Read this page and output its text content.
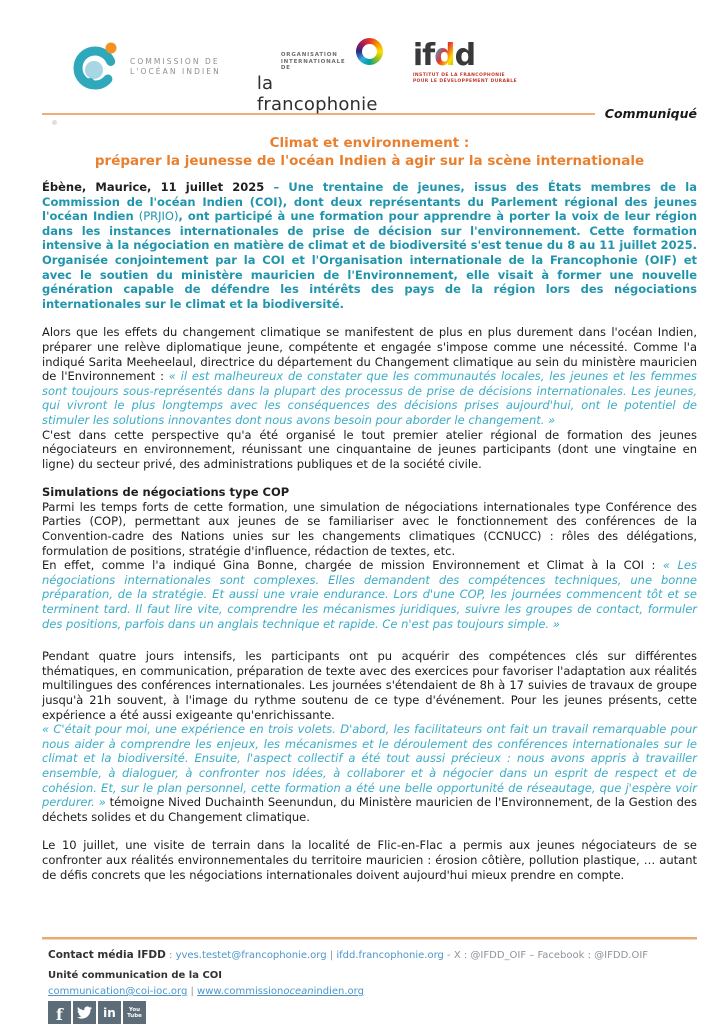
COMMISSION DE
L'OCÉAN INDIEN
ORGANISATION INTERNATIONALE DE
la francophonie
ifdd
INSTITUT DE LA FRANCOPHONIE
POUR LE DÉVELOPPEMENT DURABLE
Communiqué
Climat et environnement :
préparer la jeunesse de l'océan Indien à agir sur la scène internationale

Ébène, Maurice, 11 juillet 2025 – Une trentaine de jeunes, issus des États membres de la Commission de l'océan Indien (COI), dont deux représentants du Parlement régional des jeunes l'océan Indien (PRJIO), ont participé à une formation pour apprendre à porter la voix de leur région dans les instances internationales de prise de décision sur l'environnement. Cette formation intensive à la négociation en matière de climat et de biodiversité s'est tenue du 8 au 11 juillet 2025. Organisée conjointement par la COI et l'Organisation internationale de la Francophonie (OIF) et avec le soutien du ministère mauricien de l'Environnement, elle visait à former une nouvelle génération capable de défendre les intérêts des pays de la région lors des négociations internationales sur le climat et la biodiversité.

Alors que les effets du changement climatique se manifestent de plus en plus durement dans l'océan Indien, préparer une relève diplomatique jeune, compétente et engagée s'impose comme une nécessité. Comme l'a indiqué Sarita Meeheelaul, directrice du département du Changement climatique au sein du ministère mauricien de l'Environnement : « il est malheureux de constater que les communautés locales, les jeunes et les femmes sont toujours sous-représentés dans la plupart des processus de prise de décisions internationales. Les jeunes, qui vivront le plus longtemps avec les conséquences des décisions prises aujourd'hui, ont le potentiel de stimuler les solutions innovantes dont nous avons besoin pour aborder le changement. »

C'est dans cette perspective qu'a été organisé le tout premier atelier régional de formation des jeunes négociateurs en environnement, réunissant une cinquantaine de jeunes participants (dont une vingtaine en ligne) du secteur privé, des administrations publiques et de la société civile.

Simulations de négociations type COP

Parmi les temps forts de cette formation, une simulation de négociations internationales type Conférence des Parties (COP), permettant aux jeunes de se familiariser avec le fonctionnement des conférences de la Convention-cadre des Nations unies sur les changements climatiques (CCNUCC) : rôles des délégations, formulation de positions, stratégie d'influence, rédaction de textes, etc.

En effet, comme l'a indiqué Gina Bonne, chargée de mission Environnement et Climat à la COI : « Les négociations internationales sont complexes. Elles demandent des compétences techniques, une bonne préparation, de la stratégie. Et aussi une vraie endurance. Lors d'une COP, les journées commencent tôt et se terminent tard. Il faut lire vite, comprendre les mécanismes juridiques, suivre les groupes de contact, formuler des positions, parfois dans un anglais technique et rapide. Ce n'est pas toujours simple. »

Pendant quatre jours intensifs, les participants ont pu acquérir des compétences clés sur différentes thématiques, en communication, préparation de texte avec des exercices pour favoriser l'adaptation aux réalités multilingues des conférences internationales. Les journées s'étendaient de 8h à 17 suivies de travaux de groupe jusqu'à 21h souvent, à l'image du rythme soutenu de ce type d'événement. Pour les jeunes présents, cette expérience a été aussi exigeante qu'enrichissante.

« C'était pour moi, une expérience en trois volets. D'abord, les facilitateurs ont fait un travail remarquable pour nous aider à comprendre les enjeux, les mécanismes et le déroulement des conférences internationales sur le climat et la biodiversité. Ensuite, l'aspect collectif a été tout aussi précieux : nous avons appris à travailler ensemble, à dialoguer, à confronter nos idées, à collaborer et à négocier dans un esprit de respect et de cohésion. Et, sur le plan personnel, cette formation a été une belle opportunité de réseautage, que j'espère voir perdurer. » témoigne Nived Duchainth Seenundun, du Ministère mauricien de l'Environnement, de la Gestion des déchets solides et du Changement climatique.

Le 10 juillet, une visite de terrain dans la localité de Flic-en-Flac a permis aux jeunes négociateurs de se confronter aux réalités environnementales du territoire mauricien : érosion côtière, pollution plastique, … autant de défis concrets que les négociations internationales doivent aujourd'hui mieux prendre en compte.

Contact média IFDD : yves.testet@francophonie.org | ifdd.francophonie.org - X : @IFDD_OIF – Facebook : @IFDD.OIF
Unité communication de la COI
communication@coi-ioc.org | www.commissionoceanindien.org
f	in You
Tube
